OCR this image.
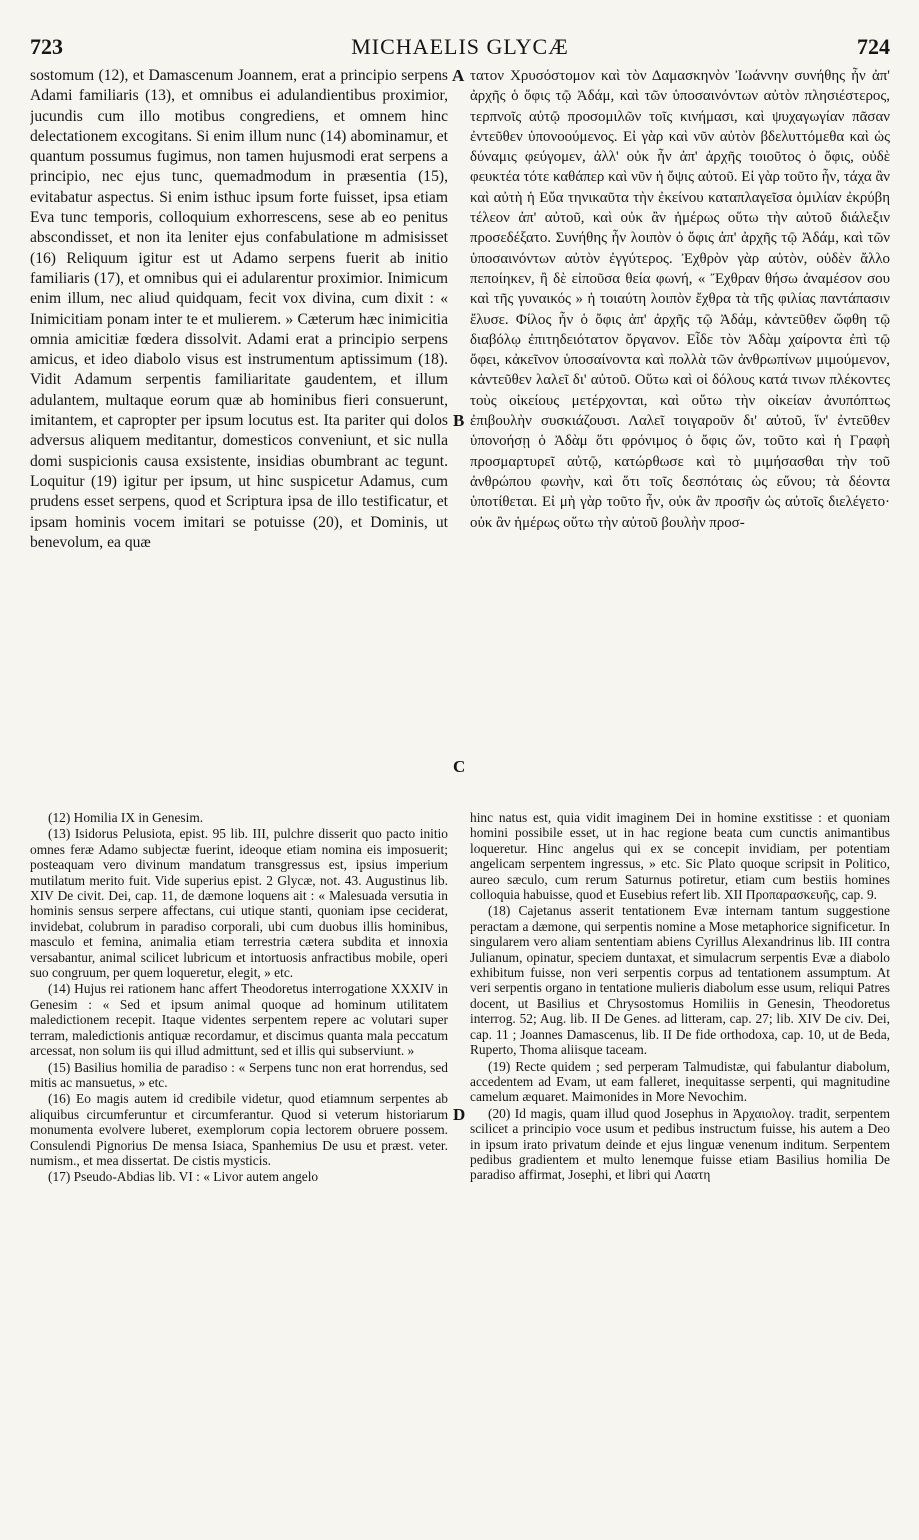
723	MICHAELIS GLYCÆ	724

sostomum (12), et Damascenum Joannem, erat a principio serpens Adami familiaris (13), et omnibus ei adulandientibus proximior, jucundis cum illo motibus congrediens, et omnem hinc delectationem excogitans. Si enim illum nunc (14) abominamur, et quantum possumus fugimus, non tamen hujusmodi erat serpens a principio, nec ejus tunc, quemadmodum in præsentia (15), evitabatur aspectus. Si enim isthuc ipsum forte fuisset, ipsa etiam Eva tunc temporis, colloquium exhorrescens, sese ab eo penitus abscondisset, et non ita leniter ejus confabulatione m admisisset (16) Reliquum igitur est ut Adamo serpens fuerit ab initio familiaris (17), et omnibus qui ei adularentur proximior. Inimicum enim illum, nec aliud quidquam, fecit vox divina, cum dixit : « Inimicitiam ponam inter te et mulierem. » Cæterum hæc inimicitia omnia amicitiæ fœdera dissolvit. Adami erat a principio serpens amicus, et ideo diabolo visus est instrumentum aptissimum (18). Vidit Adamum serpentis familiaritate gaudentem, et illum adulantem, multaque eorum quæ ab hominibus fieri consuerunt, imitantem, et capropter per ipsum locutus est. Ita pariter qui dolos adversus aliquem meditantur, domesticos conveniunt, et sic nulla domi suspicionis causa exsistente, insidias obumbrant ac tegunt. Loquitur (19) igitur per ipsum, ut hinc suspicetur Adamus, cum prudens esset serpens, quod et Scriptura ipsa de illo testificatur, et ipsam hominis vocem imitari se potuisse (20), et Dominis, ut benevolum, ea quæ

A
B
C
D

τατον Χρυσόστομον καὶ τὸν Δαμασκηνὸν Ἰωάννην συνήθης ἦν ἀπ' ἀρχῆς ὁ ὄφις τῷ Ἀδάμ, καὶ τῶν ὑποσαινόντων αὐτὸν πλησιέστερος, τερπνοῖς αὐτῷ προσομιλῶν τοῖς κινήμασι, καὶ ψυχαγωγίαν πᾶσαν ἐντεῦθεν ὑπονοούμενος. Εἰ γὰρ καὶ νῦν αὐτὸν βδελυττόμεθα καὶ ὡς δύναμις φεύγομεν, ἀλλ' οὐκ ἦν ἀπ' ἀρχῆς τοιοῦτος ὁ ὄφις, οὐδὲ φευκτέα τότε καθάπερ καὶ νῦν ἡ ὄψις αὐτοῦ. Εἰ γὰρ τοῦτο ἦν, τάχα ἂν καὶ αὐτὴ ἡ Εὔα τηνικαῦτα τὴν ἐκείνου καταπλαγεῖσα ὁμιλίαν ἐκρύβη τέλεον ἀπ' αὐτοῦ, καὶ οὐκ ἂν ἡμέρως οὕτω τὴν αὐτοῦ διάλεξιν προσεδέξατο. Συνήθης ἦν λοιπὸν ὁ ὄφις ἀπ' ἀρχῆς τῷ Ἀδάμ, καὶ τῶν ὑποσαινόντων αὐτὸν ἐγγύτερος. Ἐχθρὸν γὰρ αὐτὸν, οὐδὲν ἄλλο πεποίηκεν, ἢ δὲ εἰποῦσα θεία φωνή, « Ἔχθραν θήσω ἀναμέσον σου καὶ τῆς γυναικός » ἡ τοιαύτη λοιπὸν ἔχθρα τὰ τῆς φιλίας παντάπασιν ἔλυσε. Φίλος ἦν ὁ ὄφις ἀπ' ἀρχῆς τῷ Ἀδάμ, κἀντεῦθεν ὤφθη τῷ διαβόλῳ ἐπιτηδειότατον ὄργανον. Εἶδε τὸν Ἀδὰμ χαίροντα ἐπὶ τῷ ὄφει, κἀκεῖνον ὑποσαίνοντα καὶ πολλὰ τῶν ἀνθρωπίνων μιμούμενον, κἀντεῦθεν λαλεῖ δι' αὐτοῦ. Οὕτω καὶ οἱ δόλους κατά τινων πλέκοντες τοὺς οἰκείους μετέρχονται, καὶ οὕτω τὴν οἰκείαν ἀνυπόπτως ἐπιβουλὴν συσκιάζουσι. Λαλεῖ τοιγαροῦν δι' αὐτοῦ, ἵν' ἐντεῦθεν ὑπονοήσῃ ὁ Ἀδὰμ ὅτι φρόνιμος ὁ ὄφις ὤν, τοῦτο καὶ ἡ Γραφὴ προσμαρτυρεῖ αὐτῷ, κατώρθωσε καὶ τὸ μιμήσασθαι τὴν τοῦ ἀνθρώπου φωνὴν, καὶ ὅτι τοῖς δεσπόταις ὡς εὔνου; τὰ δέοντα ὑποτίθεται. Εἰ μὴ γὰρ τοῦτο ἦν, οὐκ ἂν προσῆν ὡς αὐτοῖς διελέγετο· οὐκ ἂν ἡμέρως οὕτω τὴν αὐτοῦ βουλὴν προσ-

(12) Homilia IX in Genesim.

(13) Isidorus Pelusiota, epist. 95 lib. III, pulchre disserit quo pacto initio omnes feræ Adamo subjectæ fuerint, ideoque etiam nomina eis imposuerit; posteaquam vero divinum mandatum transgressus est, ipsius imperium mutilatum merito fuit. Vide superius epist. 2 Glycæ, not. 43. Augustinus lib. XIV De civit. Dei, cap. 11, de dæmone loquens ait : « Malesuada versutia in hominis sensus serpere affectans, cui utique stanti, quoniam ipse ceciderat, invidebat, colubrum in paradiso corporali, ubi cum duobus illis hominibus, masculo et femina, animalia etiam terrestria cætera subdita et innoxia versabantur, animal scilicet lubricum et intortuosis anfractibus mobile, operi suo congruum, per quem loqueretur, elegit, » etc.

(14) Hujus rei rationem hanc affert Theodoretus interrogatione XXXIV in Genesim : « Sed et ipsum animal quoque ad hominum utilitatem maledictionem recepit. Itaque videntes serpentem repere ac volutari super terram, maledictionis antiquæ recordamur, et discimus quanta mala peccatum arcessat, non solum iis qui illud admittunt, sed et illis qui subserviunt. »

(15) Basilius homilia de paradiso : « Serpens tunc non erat horrendus, sed mitis ac mansuetus, » etc.

(16) Eo magis autem id credibile videtur, quod etiamnum serpentes ab aliquibus circumferuntur et circumferantur. Quod si veterum historiarum monumenta evolvere luberet, exemplorum copia lectorem obruere possem. Consulendi Pignorius De mensa Isiaca, Spanhemius De usu et præst. veter. numism., et mea dissertat. De cistis mysticis.

(17) Pseudo-Abdias lib. VI : « Livor autem angelo

hinc natus est, quia vidit imaginem Dei in homine exstitisse : et quoniam homini possibile esset, ut in hac regione beata cum cunctis animantibus loqueretur. Hinc angelus qui ex se concepit invidiam, per potentiam angelicam serpentem ingressus, » etc. Sic Plato quoque scripsit in Politico, aureo sæculo, cum rerum Saturnus potiretur, etiam cum bestiis homines colloquia habuisse, quod et Eusebius refert lib. XII Προπαρασκευῆς, cap. 9.

(18) Cajetanus asserit tentationem Evæ internam tantum suggestione peractam a dæmone, qui serpentis nomine a Mose metaphorice significetur. In singularem vero aliam sententiam abiens Cyrillus Alexandrinus lib. III contra Julianum, opinatur, speciem duntaxat, et simulacrum serpentis Evæ a diabolo exhibitum fuisse, non veri serpentis corpus ad tentationem assumptum. At veri serpentis organo in tentatione mulieris diabolum esse usum, reliqui Patres docent, ut Basilius et Chrysostomus Homiliis in Genesin, Theodoretus interrog. 52; Aug. lib. II De Genes. ad litteram, cap. 27; lib. XIV De civ. Dei, cap. 11 ; Joannes Damascenus, lib. II De fide orthodoxa, cap. 10, ut de Beda, Ruperto, Thoma aliisque taceam.

(19) Recte quidem ; sed perperam Talmudistæ, qui fabulantur diabolum, accedentem ad Evam, ut eam falleret, inequitasse serpenti, qui magnitudine camelum æquaret. Maimonides in More Nevochim.

(20) Id magis, quam illud quod Josephus in Ἀρχαιολογ. tradit, serpentem scilicet a principio voce usum et pedibus instructum fuisse, his autem a Deo in ipsum irato privatum deinde et ejus linguæ venenum inditum. Serpentem pedibus gradientem et multo lenemque fuisse etiam Basilius homilia De paradiso affirmat, Josephi, et libri qui Λαατη
